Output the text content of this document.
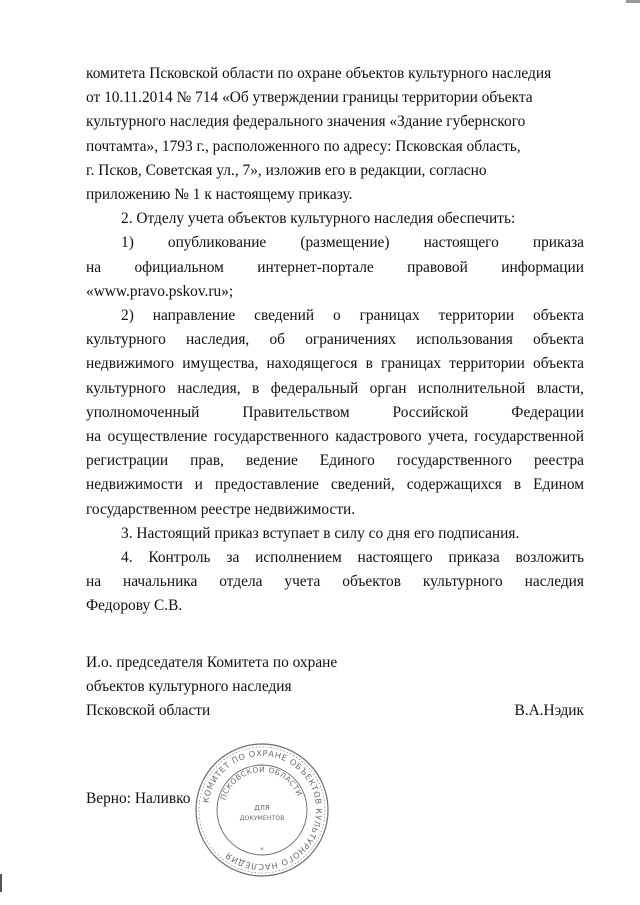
комитета Псковской области по охране объектов культурного наследия
от 10.11.2014 № 714 «Об утверждении границы территории объекта
культурного наследия федерального значения «Здание губернского
почтамта», 1793 г., расположенного по адресу: Псковская область,
г. Псков, Советская ул., 7», изложив его в редакции, согласно
приложению № 1 к настоящему приказу.

2. Отделу учета объектов культурного наследия обеспечить:

1) опубликование (размещение) настоящего приказа
на официальном интернет-портале правовой информации
«www.pravo.pskov.ru»;

2) направление сведений о границах территории объекта
культурного наследия, об ограничениях использования объекта
недвижимого имущества, находящегося в границах территории объекта
культурного наследия, в федеральный орган исполнительной власти,
уполномоченный Правительством Российской Федерации
на осуществление государственного кадастрового учета, государственной
регистрации прав, ведение Единого государственного реестра
недвижимости и предоставление сведений, содержащихся в Едином
государственном реестре недвижимости.

3. Настоящий приказ вступает в силу со дня его подписания.

4. Контроль за исполнением настоящего приказа возложить
на начальника отдела учета объектов культурного наследия
Федорову С.В.

И.о. председателя Комитета по охране
объектов культурного наследия
Псковской области	В.А.Нэдик
Верно: Наливко КОМИТЕТ ПО ОХРАНЕ ОБЪЕКТОВ КУЛЬТУРНОГО НАСЛЕДИЯ
ПСКОВСКОЙ ОБЛАСТИ
ДЛЯ
ДОКУМЕНТОВ
*
